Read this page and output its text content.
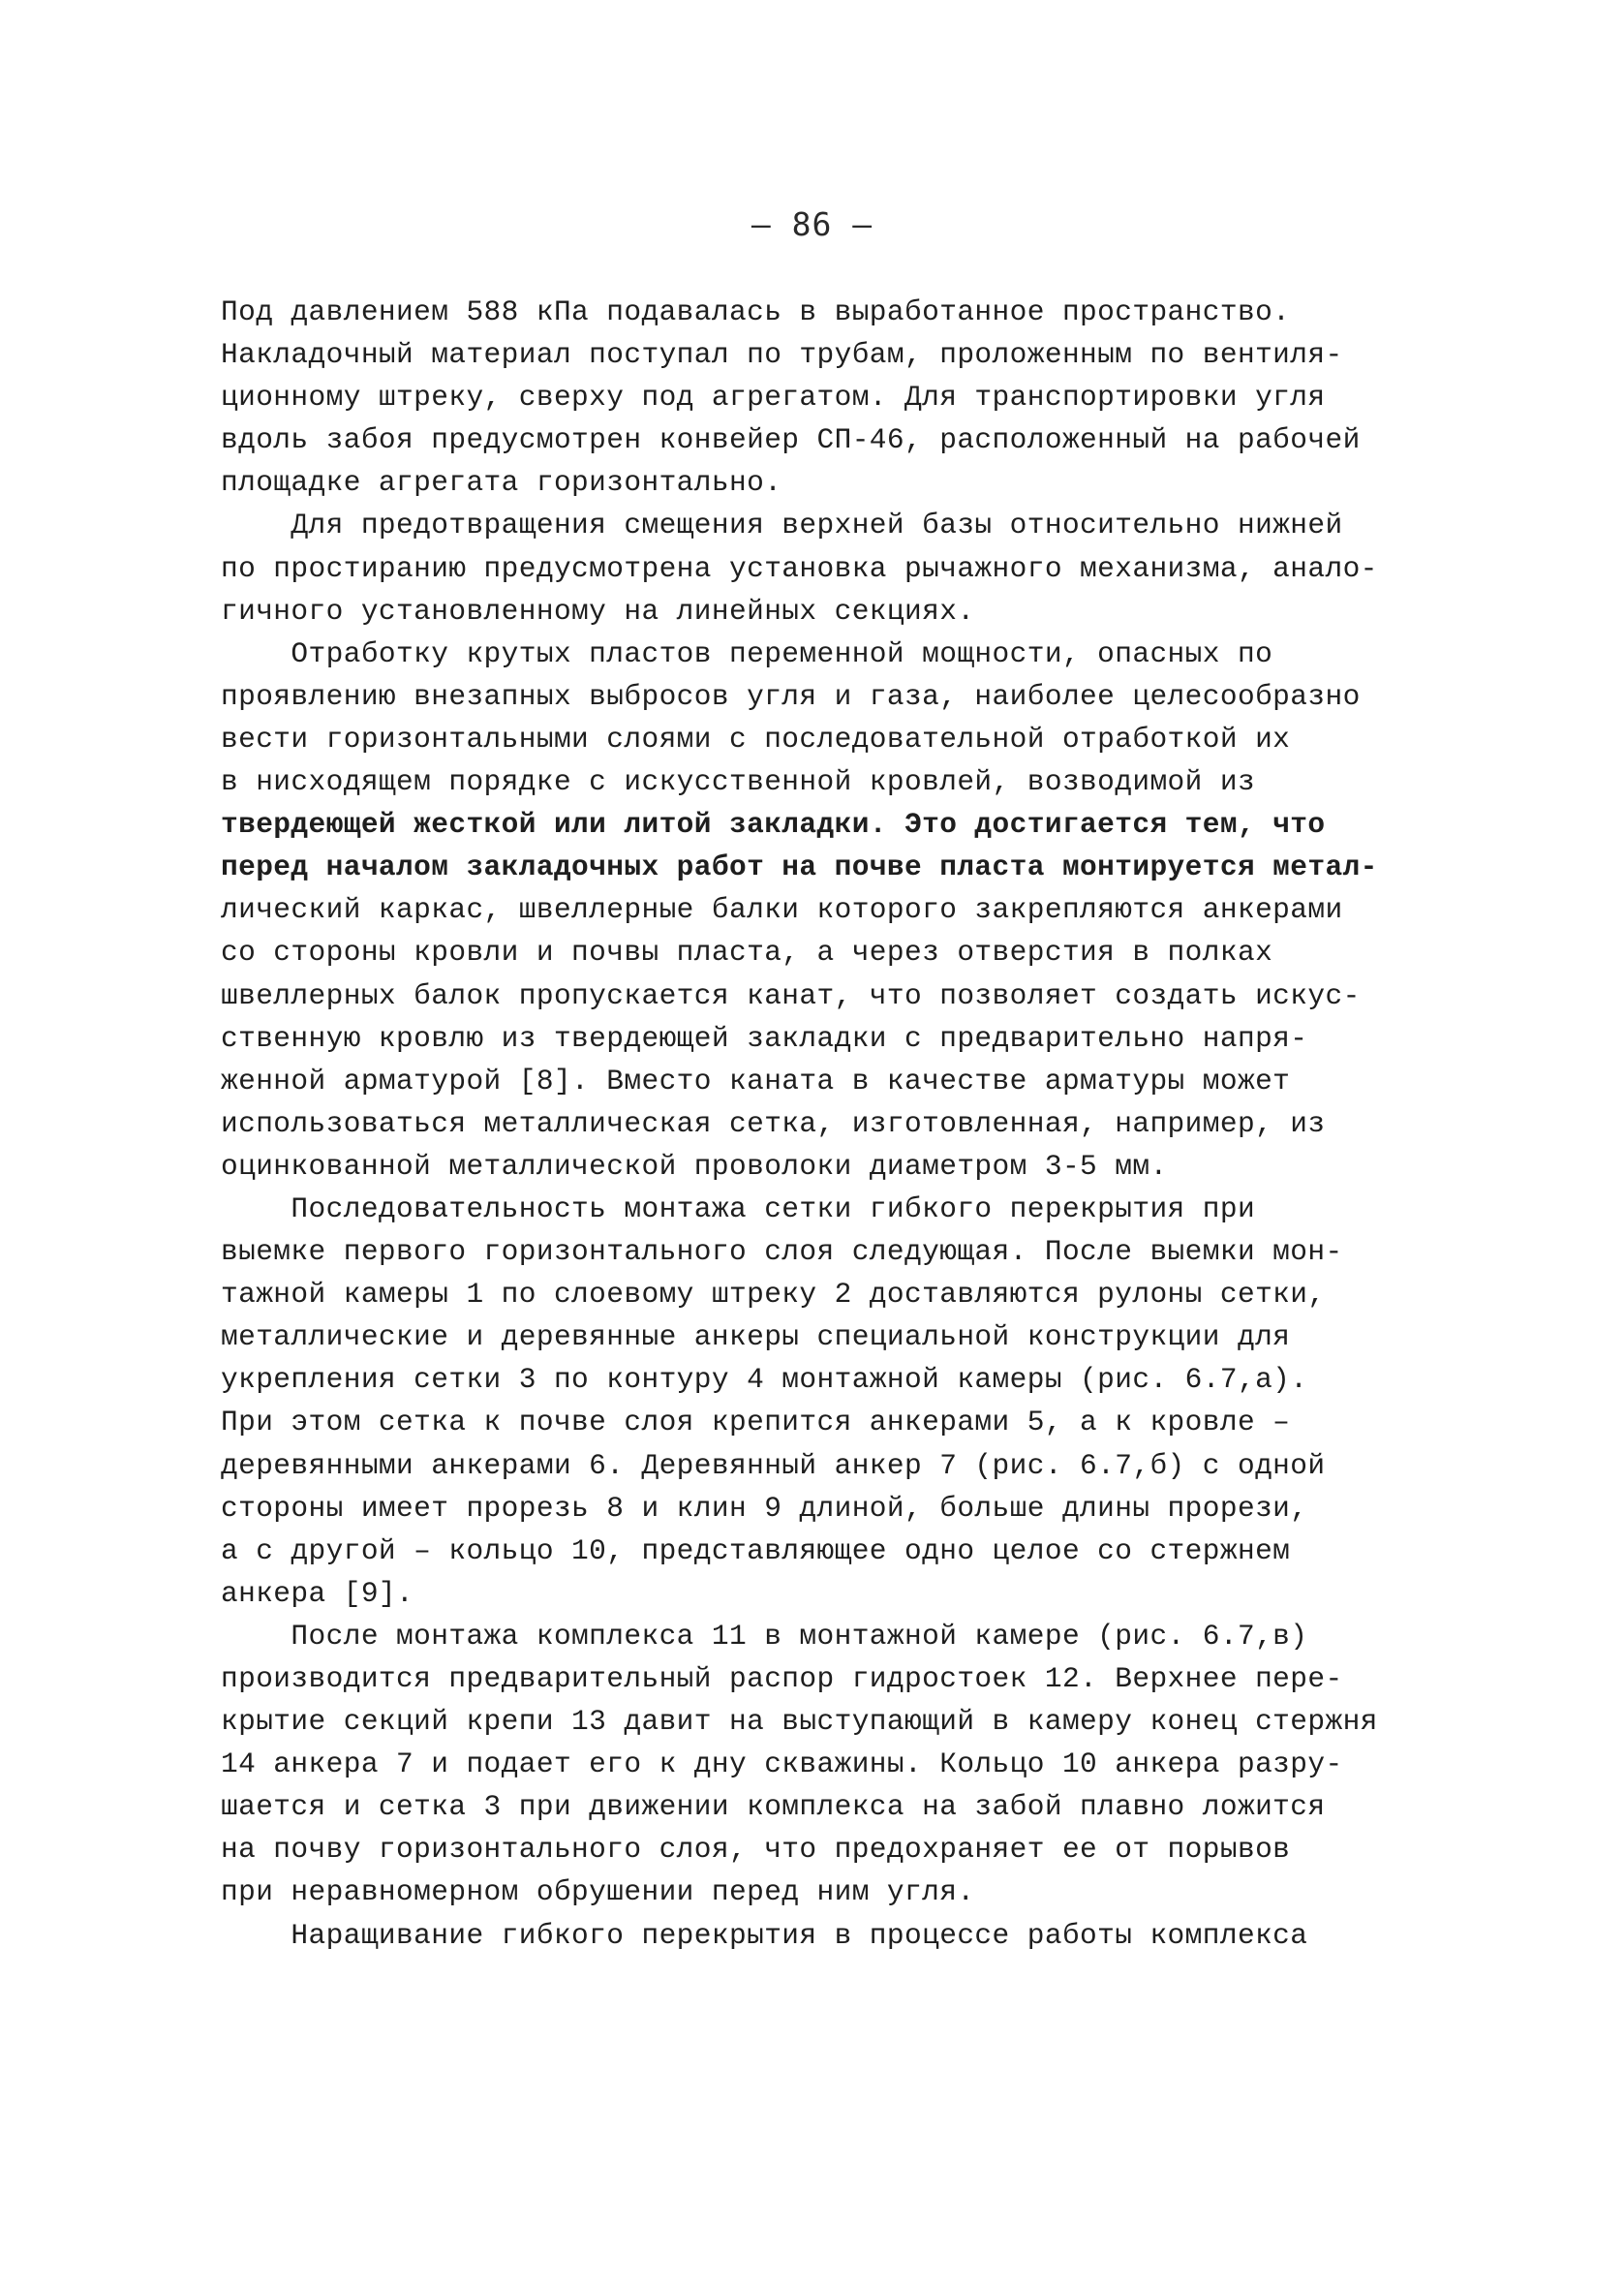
– 86 –
Под давлением 588 кПа подавалась в выработанное пространство.
Накладочный материал поступал по трубам, проложенным по вентиля-
ционному штреку, сверху под агрегатом. Для транспортировки угля
вдоль забоя предусмотрен конвейер СП-46, расположенный на рабочей
площадке агрегата горизонтально.
Для предотвращения смещения верхней базы относительно нижней
по простиранию предусмотрена установка рычажного механизма, анало-
гичного установленному на линейных секциях.
Отработку крутых пластов переменной мощности, опасных по
проявлению внезапных выбросов угля и газа, наиболее целесообразно
вести горизонтальными слоями с последовательной отработкой их
в нисходящем порядке с искусственной кровлей, возводимой из
твердеющей жесткой или литой закладки. Это достигается тем, что
перед началом закладочных работ на почве пласта монтируется метал-
лический каркас, швеллерные балки которого закрепляются анкерами
со стороны кровли и почвы пласта, а через отверстия в полках
швеллерных балок пропускается канат, что позволяет создать искус-
ственную кровлю из твердеющей закладки с предварительно напря-
женной арматурой [8]. Вместо каната в качестве арматуры может
использоваться металлическая сетка, изготовленная, например, из
оцинкованной металлической проволоки диаметром 3-5 мм.
Последовательность монтажа сетки гибкого перекрытия при
выемке первого горизонтального слоя следующая. После выемки мон-
тажной камеры 1 по слоевому штреку 2 доставляются рулоны сетки,
металлические и деревянные анкеры специальной конструкции для
укрепления сетки 3 по контуру 4 монтажной камеры (рис. 6.7,а).
При этом сетка к почве слоя крепится анкерами 5, а к кровле –
деревянными анкерами 6. Деревянный анкер 7 (рис. 6.7,б) с одной
стороны имеет прорезь 8 и клин 9 длиной, больше длины прорези,
а с другой – кольцо 10, представляющее одно целое со стержнем
анкера [9].
После монтажа комплекса 11 в монтажной камере (рис. 6.7,в)
производится предварительный распор гидростоек 12. Верхнее пере-
крытие секций крепи 13 давит на выступающий в камеру конец стержня
14 анкера 7 и подает его к дну скважины. Кольцо 10 анкера разру-
шается и сетка 3 при движении комплекса на забой плавно ложится
на почву горизонтального слоя, что предохраняет ее от порывов
при неравномерном обрушении перед ним угля.
Наращивание гибкого перекрытия в процессе работы комплекса
